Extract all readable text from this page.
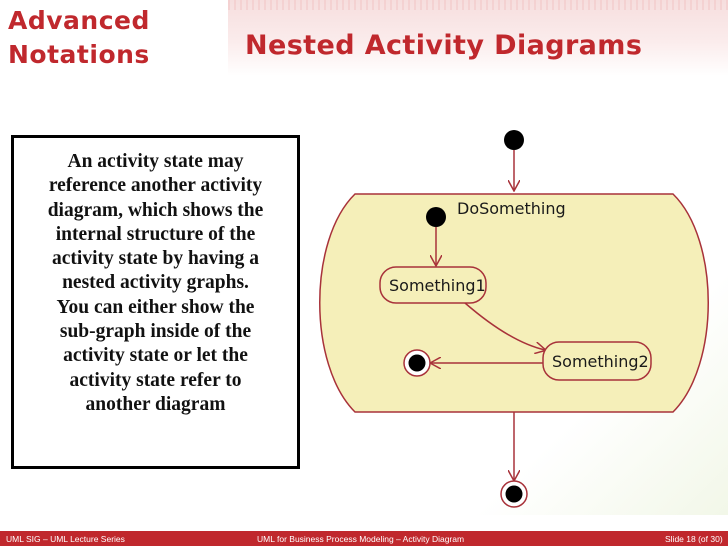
Advanced
Notations	Nested Activity Diagrams

An activity state may

reference another activity

diagram, which shows the

internal structure of the

activity state by having a

nested activity graphs.

You can either show the

sub-graph inside of the

activity state or let the

activity state refer to

another diagram

DoSomething
Something1
Something2
UML SIG – UML Lecture Series	UML for Business Process Modeling – Activity Diagram	Slide 18 (of 30)
